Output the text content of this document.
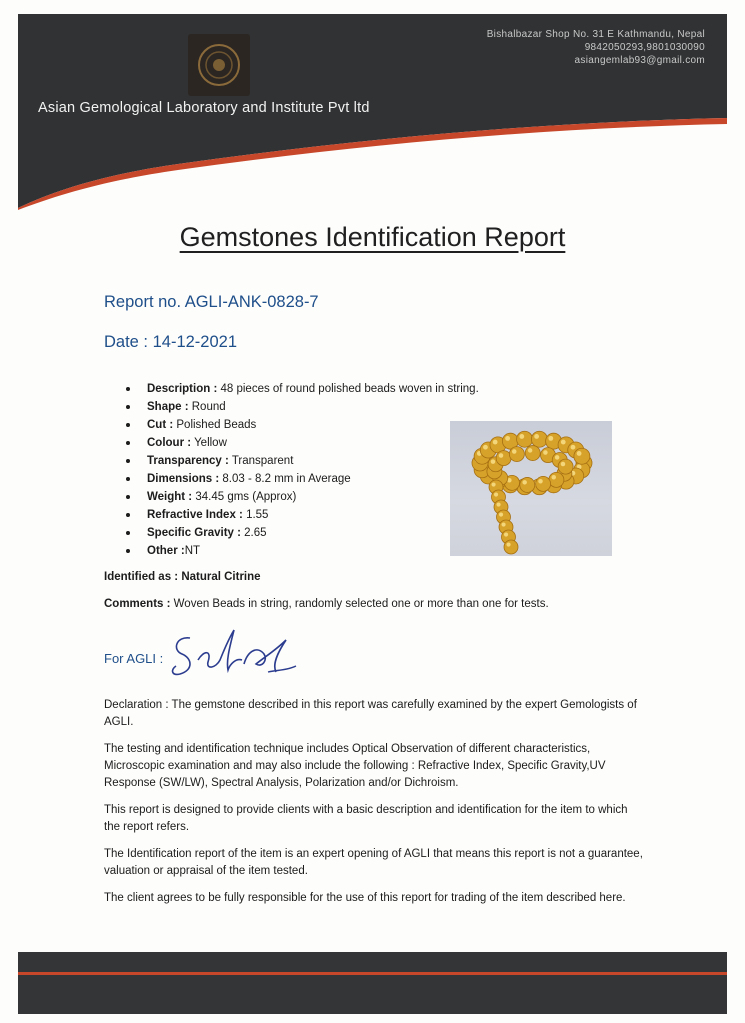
Bishalbazar Shop No. 31 E Kathmandu, Nepal
9842050293,9801030090
asiangemlab93@gmail.com
Asian Gemological Laboratory and Institute Pvt ltd
Gemstones Identification Report
Report no. AGLI-ANK-0828-7
Date : 14-12-2021
Description : 48 pieces of round polished beads woven in string.
Shape : Round
Cut : Polished Beads
Colour : Yellow
Transparency : Transparent
Dimensions : 8.03 - 8.2 mm in Average
Weight : 34.45 gms (Approx)
Refractive Index : 1.55
Specific Gravity : 2.65
Other :NT
Identified as : Natural Citrine
Comments : Woven Beads in string, randomly selected one or more than one for tests.
For AGLI :

Declaration : The gemstone described in this report was carefully examined by the expert Gemologists of AGLI.

The testing and identification technique includes Optical Observation of different characteristics, Microscopic examination and may also include the following : Refractive Index, Specific Gravity,UV Response (SW/LW), Spectral Analysis, Polarization and/or Dichroism.

This report is designed to provide clients with a basic description and identification for the item to which the report refers.

The Identification report of the item is an expert opening of AGLI that means this report is not a guarantee, valuation or appraisal of the item tested.

The client agrees to be fully responsible for the use of this report for trading of the item described here.
